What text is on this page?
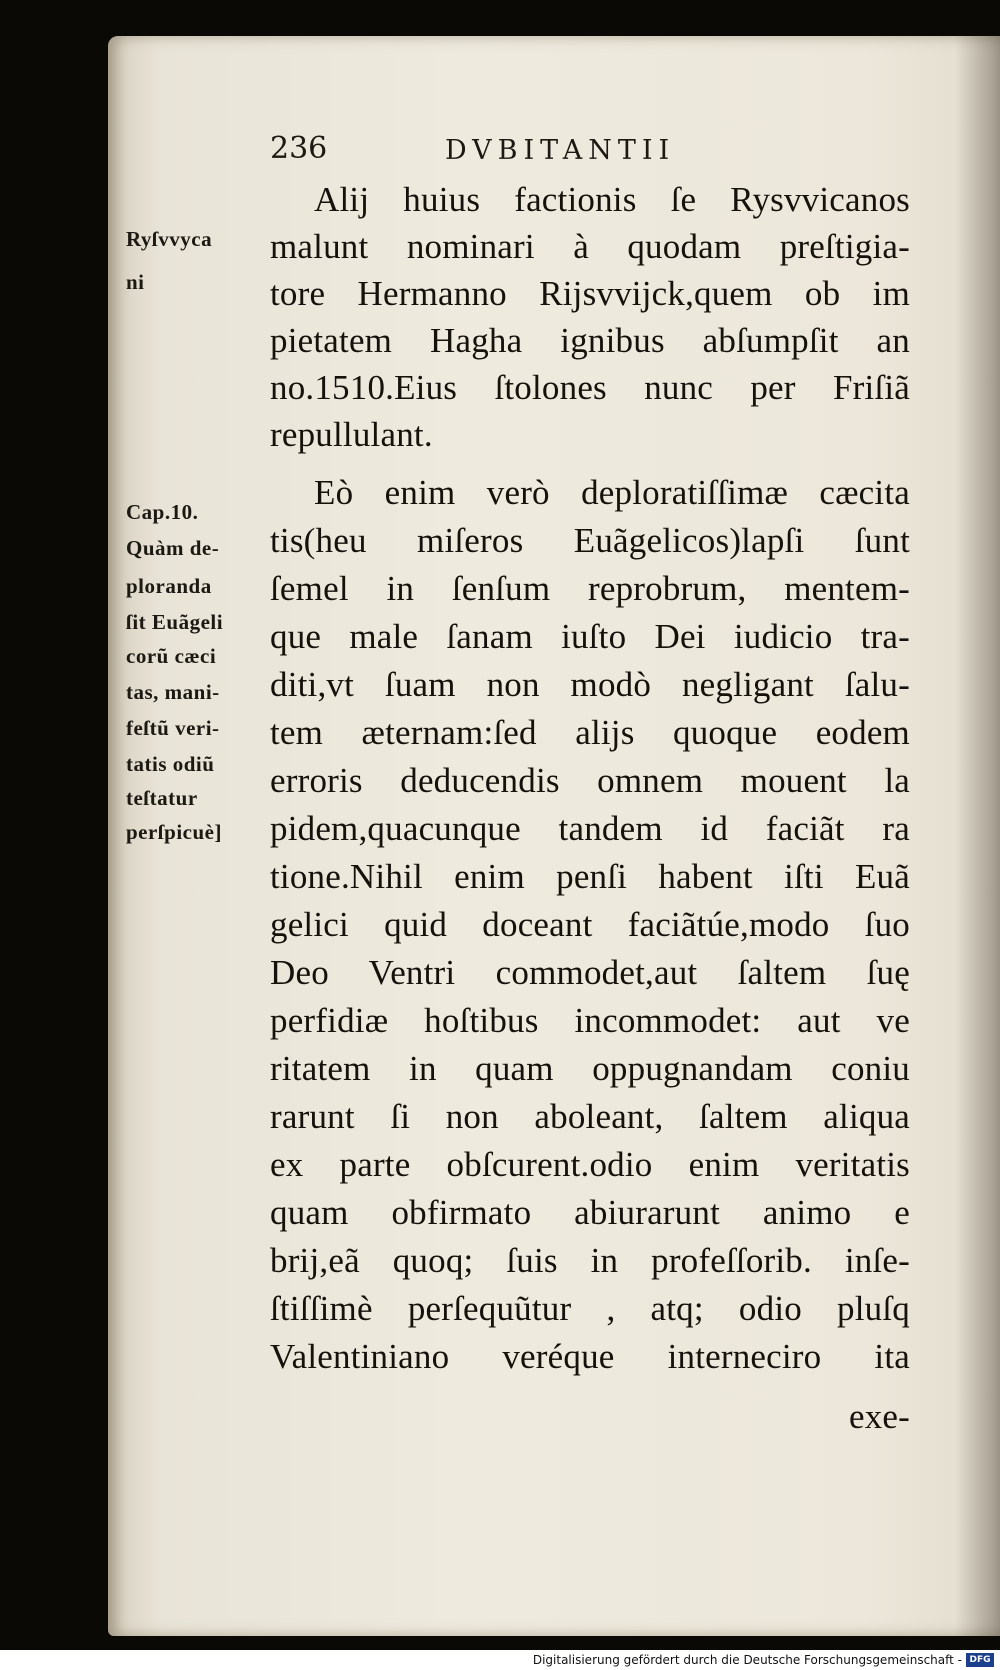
236	DVBITANTII
Ryſvvyca
ni
Cap.10.
Quàm de-
ploranda
ſit Euãgeli
corũ cæci
tas, mani-
feſtũ veri-
tatis odiũ
teſtatur
perſpicuè]
Alij huius factionis ſe Rysvvicanos
malunt nominari à quodam preſtigia-
tore Hermanno Rijsvvijck,quem ob im
pietatem Hagha ignibus abſumpſit an
no.1510.Eius ſtolones nunc per Friſiã
repullulant.
Eò enim verò deploratiſſimæ cæcita
tis(heu miſeros Euãgelicos)lapſi ſunt
ſemel in ſenſum reprobrum, mentem-
que male ſanam iuſto Dei iudicio tra-
diti,vt ſuam non modò negligant ſalu-
tem æternam:ſed alijs quoque eodem
erroris deducendis omnem mouent la
pidem,quacunque tandem id faciãt ra
tione.Nihil enim penſi habent iſti Euã
gelici quid doceant faciãtúe,modo ſuo
Deo Ventri commodet,aut ſaltem ſuę
perfidiæ hoſtibus incommodet: aut ve
ritatem in quam oppugnandam coniu
rarunt ſi non aboleant, ſaltem aliqua
ex parte obſcurent.odio enim veritatis
quam obfirmato abiurarunt animo e
brij,eã quoq; ſuis in profeſſorib. inſe-
ſtiſſimè perſequũtur , atq; odio pluſq
Valentiniano veréque interneciro ita
exe-
Digitalisierung gefördert durch die Deutsche Forschungsgemeinschaft - DFG
